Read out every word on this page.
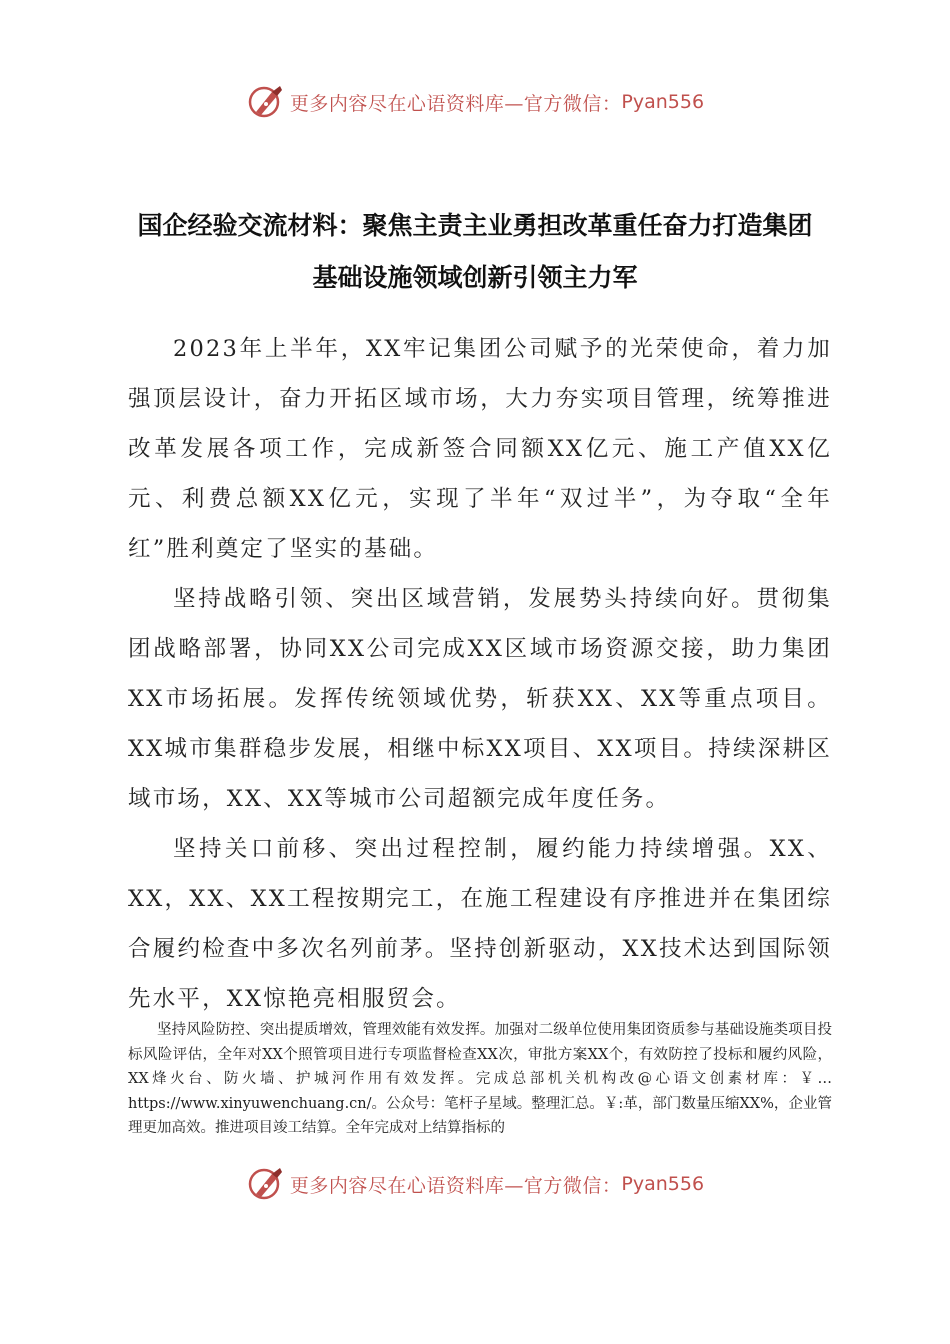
更多内容尽在心语资料库—官方微信： Pyan556
国企经验交流材料：聚焦主责主业勇担改革重任奋力打造集团
基础设施领域创新引领主力军

2023年上半年，XX牢记集团公司赋予的光荣使命，着力加强顶层设计，奋力开拓区域市场，大力夯实项目管理，统筹推进改革发展各项工作，完成新签合同额XX亿元、施工产值XX亿元、利费总额XX亿元，实现了半年“双过半”，为夺取“全年红”胜利奠定了坚实的基础。

坚持战略引领、突出区域营销，发展势头持续向好。贯彻集团战略部署，协同XX公司完成XX区域市场资源交接，助力集团XX市场拓展。发挥传统领域优势，斩获XX、XX等重点项目。XX城市集群稳步发展，相继中标XX项目、XX项目。持续深耕区域市场，XX、XX等城市公司超额完成年度任务。

坚持关口前移、突出过程控制，履约能力持续增强。XX、XX，XX、XX工程按期完工，在施工程建设有序推进并在集团综合履约检查中多次名列前茅。坚持创新驱动，XX技术达到国际领先水平，XX惊艳亮相服贸会。

坚持风险防控、突出提质增效，管理效能有效发挥。加强对二级单位使用集团资质参与基础设施类项目投标风险评估，全年对XX个照管项目进行专项监督检查XX次，审批方案XX个，有效防控了投标和履约风险，XX烽火台、防火墙、护城河作用有效发挥。完成总部机关机构改@心语文创素材库：￥…https://www.xinyuwenchuang.cn/。公众号：笔杆子星域。整理汇总。￥:革，部门数量压缩XX%，企业管理更加高效。推进项目竣工结算。全年完成对上结算指标的

更多内容尽在心语资料库—官方微信： Pyan556
